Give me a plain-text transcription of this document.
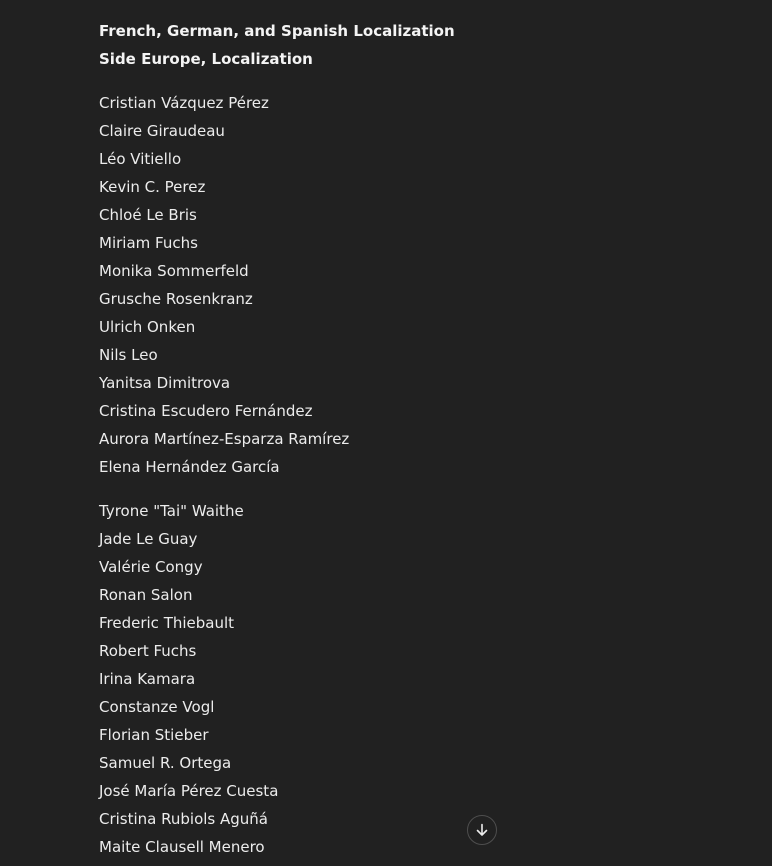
French, German, and Spanish Localization
Side Europe, Localization
Cristian Vázquez Pérez
Claire Giraudeau
Léo Vitiello
Kevin C. Perez
Chloé Le Bris
Miriam Fuchs
Monika Sommerfeld
Grusche Rosenkranz
Ulrich Onken
Nils Leo
Yanitsa Dimitrova
Cristina Escudero Fernández
Aurora Martínez-Esparza Ramírez
Elena Hernández García
Tyrone "Tai" Waithe
Jade Le Guay
Valérie Congy
Ronan Salon
Frederic Thiebault
Robert Fuchs
Irina Kamara
Constanze Vogl
Florian Stieber
Samuel R. Ortega
José María Pérez Cuesta
Cristina Rubiols Aguñá
Maite Clausell Menero
